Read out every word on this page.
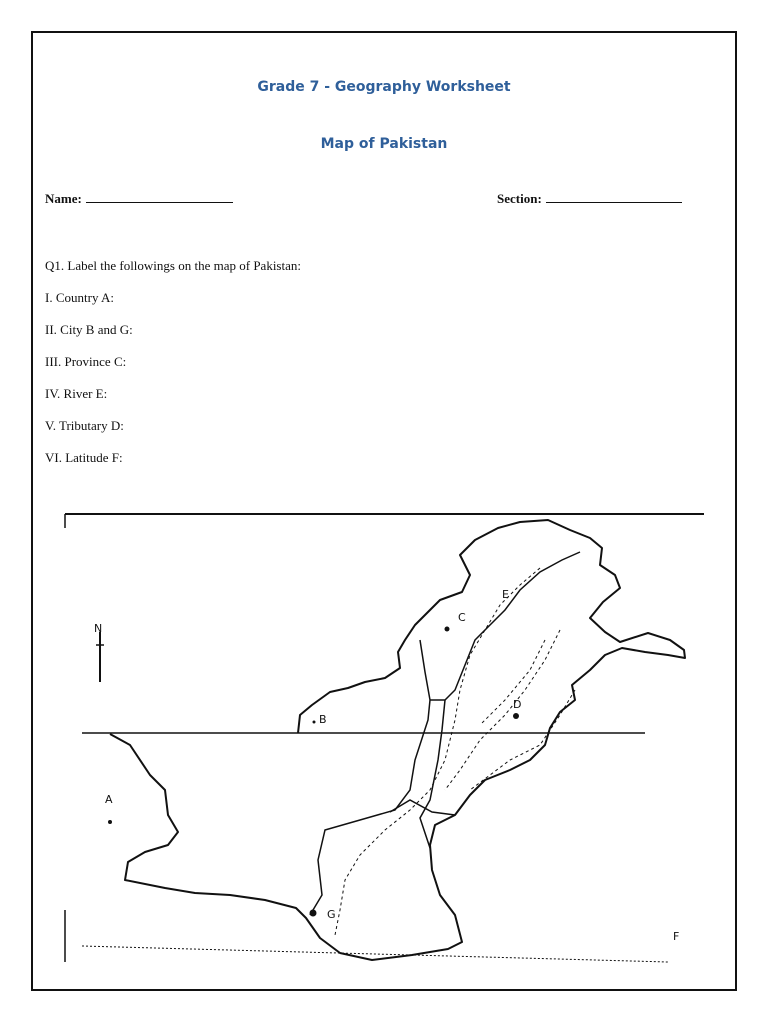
Grade 7 - Geography Worksheet
Map of Pakistan
Name:	Section:
Q1. Label the followings on the map of Pakistan:
I. Country A:
II. City B and G:
III. Province C:
IV. River E:
V. Tributary D:
VI. Latitude F:
N
A
B
C
D
E
F
G
